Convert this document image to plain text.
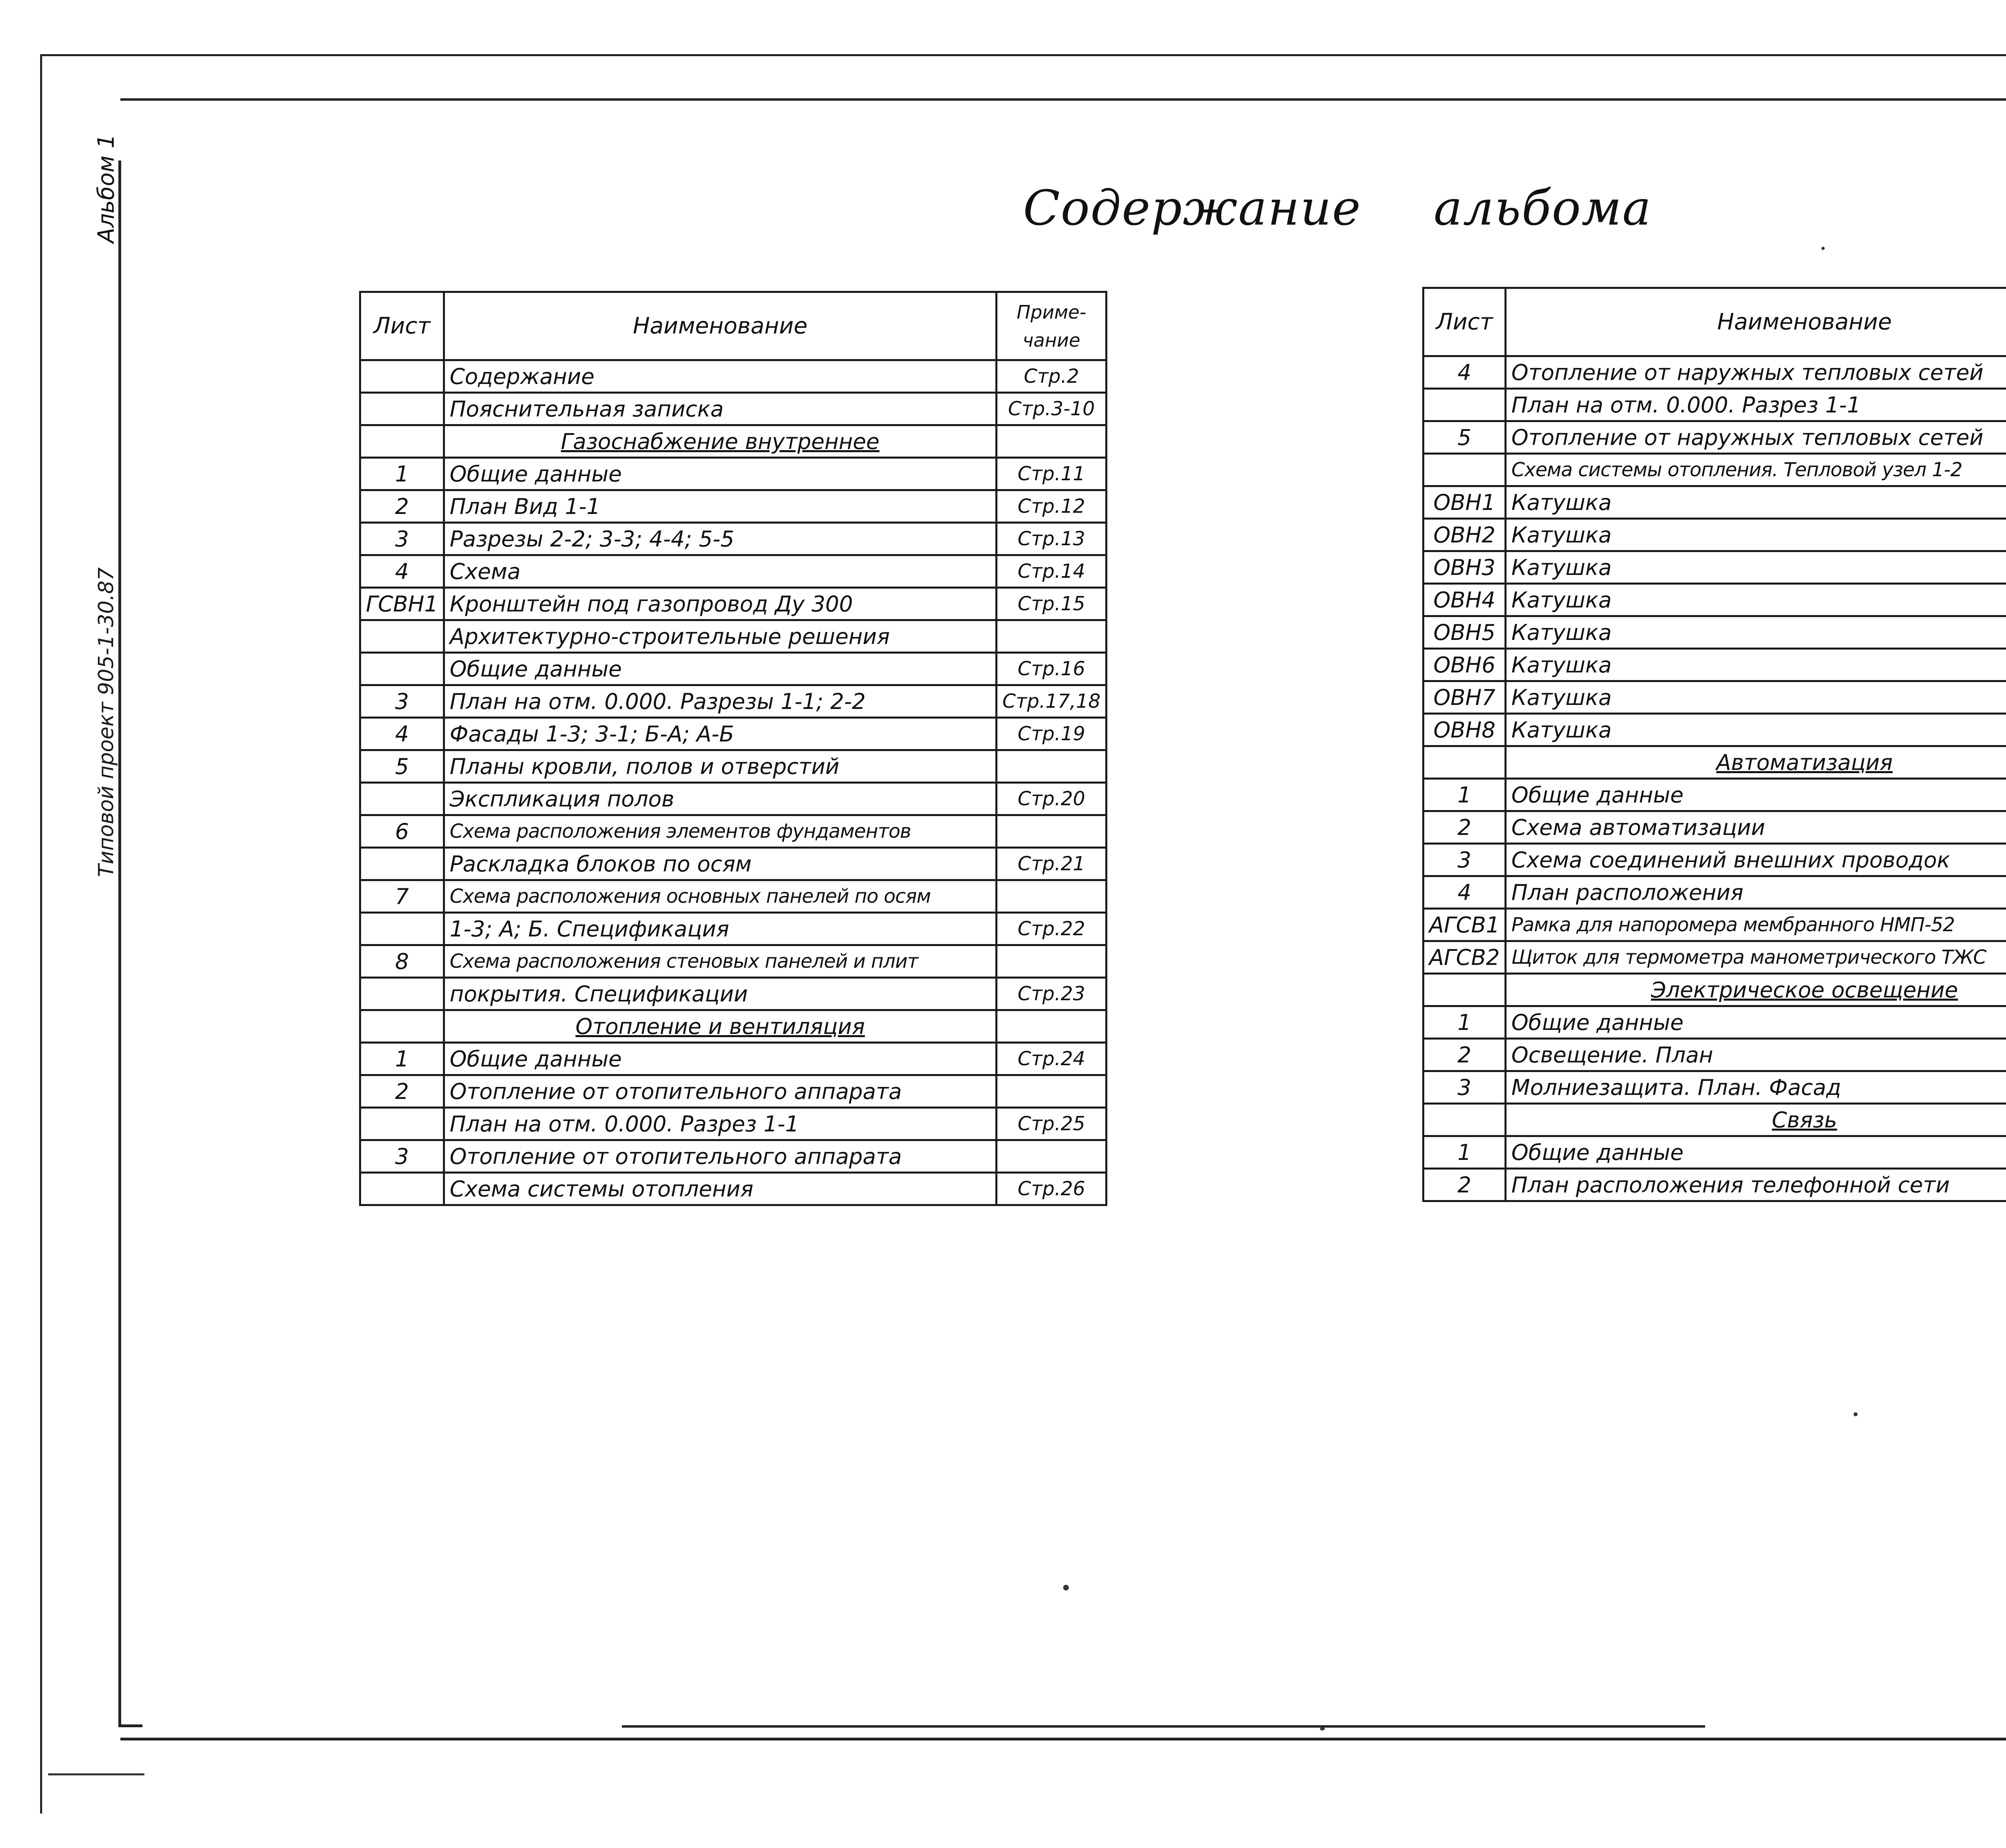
Альбом 1
Типовой проект 905-1-30.87
Содержание альбома
Лист	Наименование	Приме-чание
	Содержание	Стр.2
	Пояснительная записка	Стр.3-10
	Газоснабжение внутреннее	
1	Общие данные	Стр.11
2	План Вид 1-1	Стр.12
3	Разрезы 2-2; 3-3; 4-4; 5-5	Стр.13
4	Схема	Стр.14
ГСВН1	Кронштейн под газопровод Ду 300	Стр.15
	Архитектурно-строительные решения	
	Общие данные	Стр.16
3	План на отм. 0.000. Разрезы 1-1; 2-2	Стр.17,18
4	Фасады 1-3; 3-1; Б-А; А-Б	Стр.19
5	Планы кровли, полов и отверстий	
	Экспликация полов	Стр.20
6	Схема расположения элементов фундаментов	
	Раскладка блоков по осям	Стр.21
7	Схема расположения основных панелей по осям	
	1-3; А; Б. Спецификация	Стр.22
8	Схема расположения стеновых панелей и плит	
	покрытия. Спецификации	Стр.23
	Отопление и вентиляция	
1	Общие данные	Стр.24
2	Отопление от отопительного аппарата	
	План на отм. 0.000. Разрез 1-1	Стр.25
3	Отопление от отопительного аппарата	
	Схема системы отопления	Стр.26
Лист	Наименование	
4	Отопление от наружных тепловых сетей	
	План на отм. 0.000. Разрез 1-1	
5	Отопление от наружных тепловых сетей	
	Схема системы отопления. Тепловой узел 1-2	
ОВН1	Катушка	
ОВН2	Катушка	
ОВН3	Катушка	
ОВН4	Катушка	
ОВН5	Катушка	
ОВН6	Катушка	
ОВН7	Катушка	
ОВН8	Катушка	
	Автоматизация	
1	Общие данные	
2	Схема автоматизации	
3	Схема соединений внешних проводок	
4	План расположения	
АГСВ1	Рамка для напоромера мембранного НМП-52	
АГСВ2	Щиток для термометра манометрического ТЖС	
	Электрическое освещение	
1	Общие данные	
2	Освещение. План	
3	Молниезащита. План. Фасад	
	Связь	
1	Общие данные	
2	План расположения телефонной сети	
